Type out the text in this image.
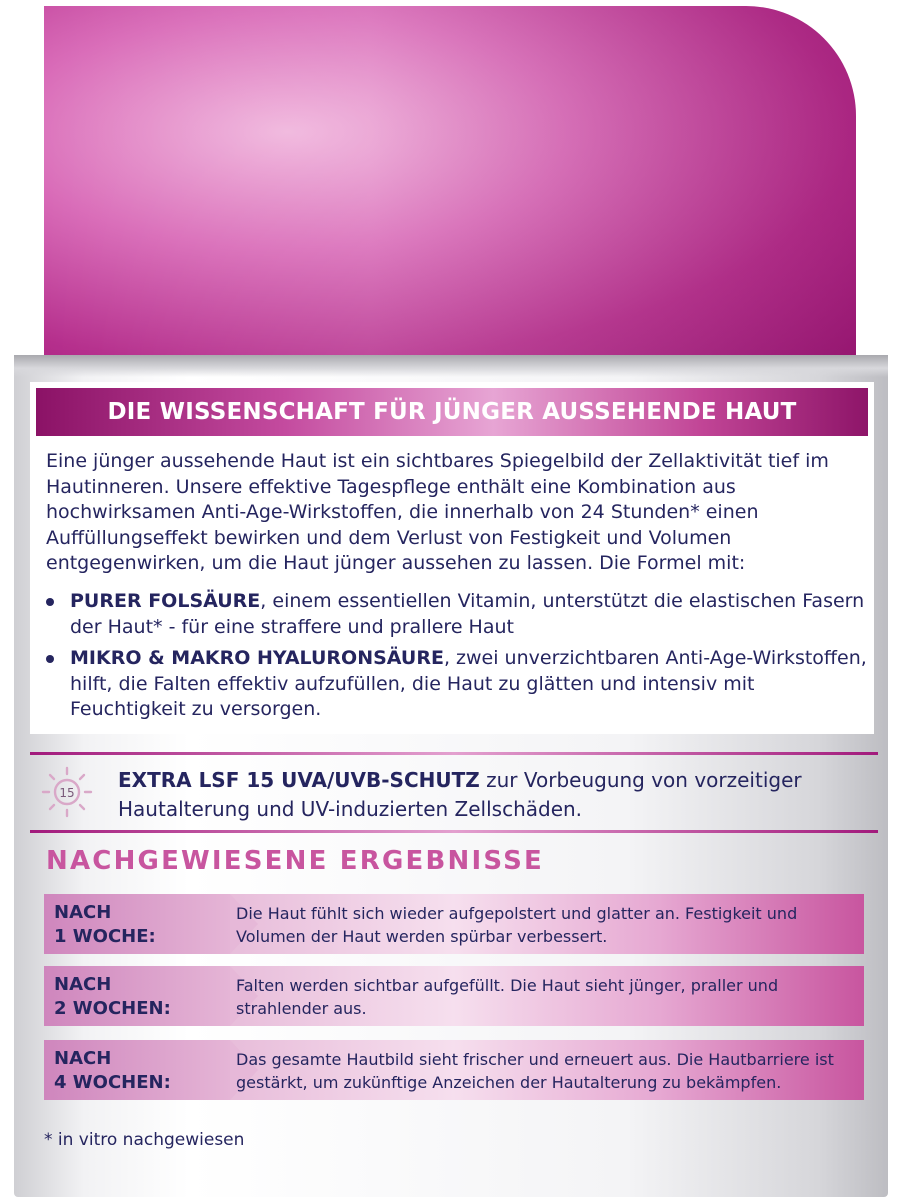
DIE WISSENSCHAFT FÜR JÜNGER AUSSEHENDE HAUT
Eine jünger aussehende Haut ist ein sichtbares Spiegelbild der Zellaktivität tief im Hautinneren. Unsere effektive Tagespflege enthält eine Kombination aus hochwirksamen Anti-Age-Wirkstoffen, die innerhalb von 24 Stunden* einen Auffüllungseffekt bewirken und dem Verlust von Festigkeit und Volumen entgegenwirken, um die Haut jünger aussehen zu lassen. Die Formel mit:
PURER FOLSÄURE, einem essentiellen Vitamin, unterstützt die elastischen Fasern der Haut* - für eine straffere und prallere Haut
MIKRO & MAKRO HYALURONSÄURE, zwei unverzichtbaren Anti-Age-Wirkstoffen, hilft, die Falten effektiv aufzufüllen, die Haut zu glätten und intensiv mit Feuchtigkeit zu versorgen.
15
EXTRA LSF 15 UVA/UVB-SCHUTZ zur Vorbeugung von vorzeitiger Hautalterung und UV-induzierten Zellschäden.
NACHGEWIESENE ERGEBNISSE
NACH
1 WOCHE:
Die Haut fühlt sich wieder aufgepolstert und glatter an. Festigkeit und Volumen der Haut werden spürbar verbessert.
NACH
2 WOCHEN:
Falten werden sichtbar aufgefüllt. Die Haut sieht jünger, praller und strahlender aus.
NACH
4 WOCHEN:
Das gesamte Hautbild sieht frischer und erneuert aus. Die Hautbarriere ist gestärkt, um zukünftige Anzeichen der Hautalterung zu bekämpfen.
* in vitro nachgewiesen
